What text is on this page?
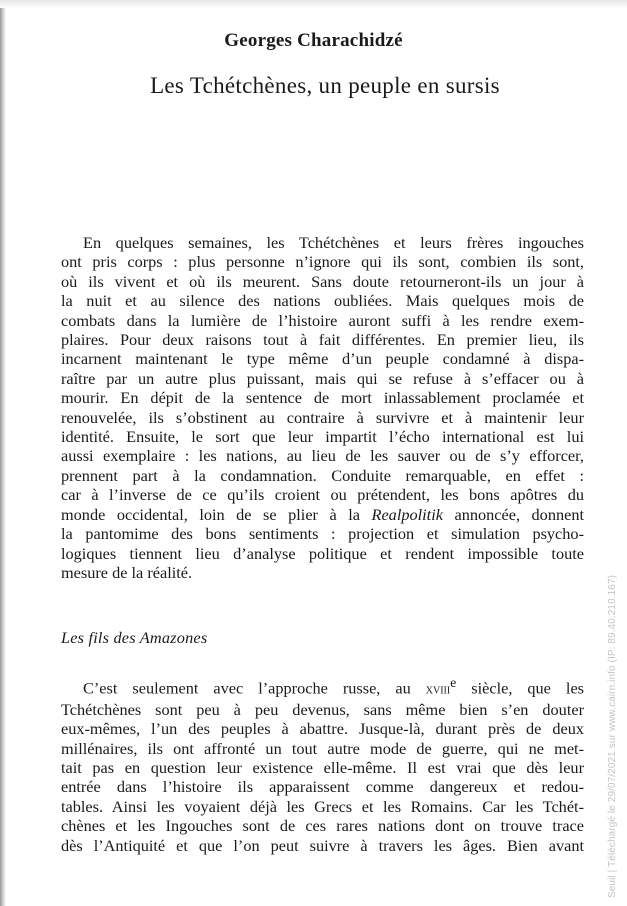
Georges Charachidzé
Les Tchétchènes, un peuple en sursis
En quelques semaines, les Tchétchènes et leurs frères ingouches
ont pris corps : plus personne n’ignore qui ils sont, combien ils sont,
où ils vivent et où ils meurent. Sans doute retourneront-ils un jour à
la nuit et au silence des nations oubliées. Mais quelques mois de
combats dans la lumière de l’histoire auront suffi à les rendre exem-
plaires. Pour deux raisons tout à fait différentes. En premier lieu, ils
incarnent maintenant le type même d’un peuple condamné à dispa-
raître par un autre plus puissant, mais qui se refuse à s’effacer ou à
mourir. En dépit de la sentence de mort inlassablement proclamée et
renouvelée, ils s’obstinent au contraire à survivre et à maintenir leur
identité. Ensuite, le sort que leur impartit l’écho international est lui
aussi exemplaire : les nations, au lieu de les sauver ou de s’y efforcer,
prennent part à la condamnation. Conduite remarquable, en effet :
car à l’inverse de ce qu’ils croient ou prétendent, les bons apôtres du
monde occidental, loin de se plier à la Realpolitik annoncée, donnent
la pantomime des bons sentiments : projection et simulation psycho-
logiques tiennent lieu d’analyse politique et rendent impossible toute
mesure de la réalité.
Les fils des Amazones
C’est seulement avec l’approche russe, au xviii$^e$ siècle, que les
Tchétchènes sont peu à peu devenus, sans même bien s’en douter
eux-mêmes, l’un des peuples à abattre. Jusque-là, durant près de deux
millénaires, ils ont affronté un tout autre mode de guerre, qui ne met-
tait pas en question leur existence elle-même. Il est vrai que dès leur
entrée dans l’histoire ils apparaissent comme dangereux et redou-
tables. Ainsi les voyaient déjà les Grecs et les Romains. Car les Tchét-
chènes et les Ingouches sont de ces rares nations dont on trouve trace
dès l’Antiquité et que l’on peut suivre à travers les âges. Bien avant Seuil | Téléchargé le 29/07/2021 sur www.cairn.info (IP: 89.40.210.167)
